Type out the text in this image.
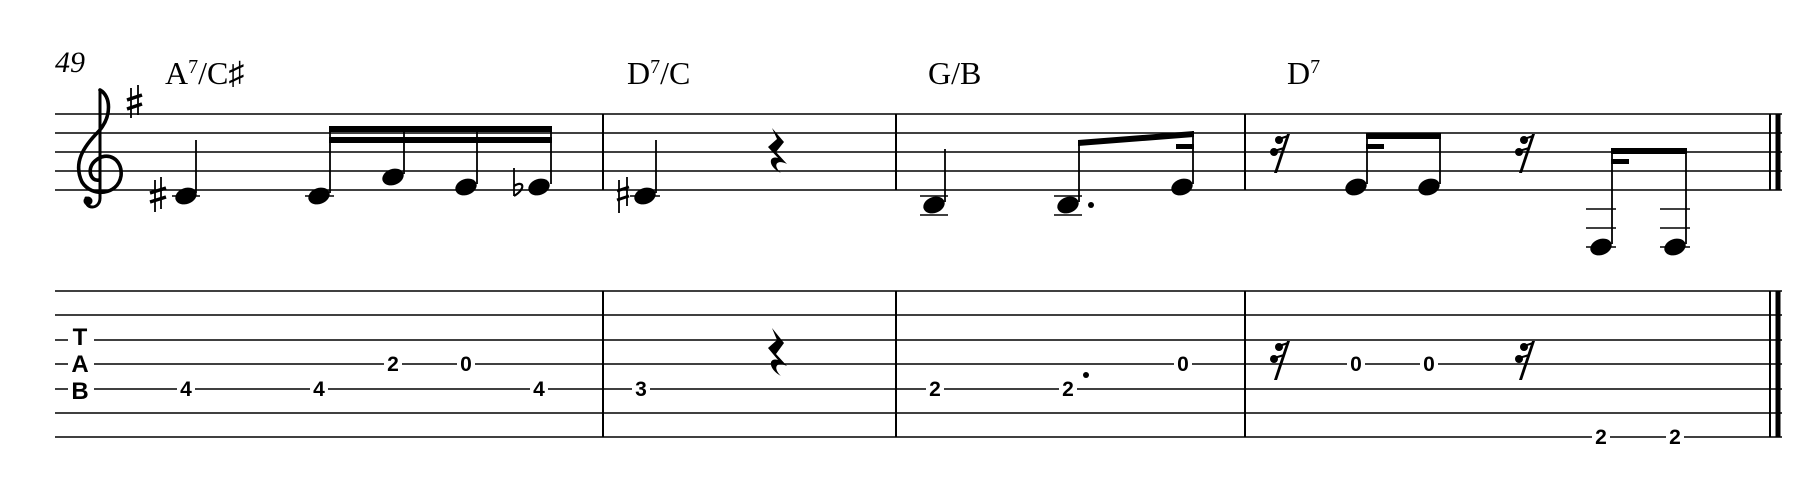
49	$A^7/C♯$	$D^7/C$	G/B	$D^7$
T
A
B	4	4
2	0
4	3	2	2
0	0	0
2	2
